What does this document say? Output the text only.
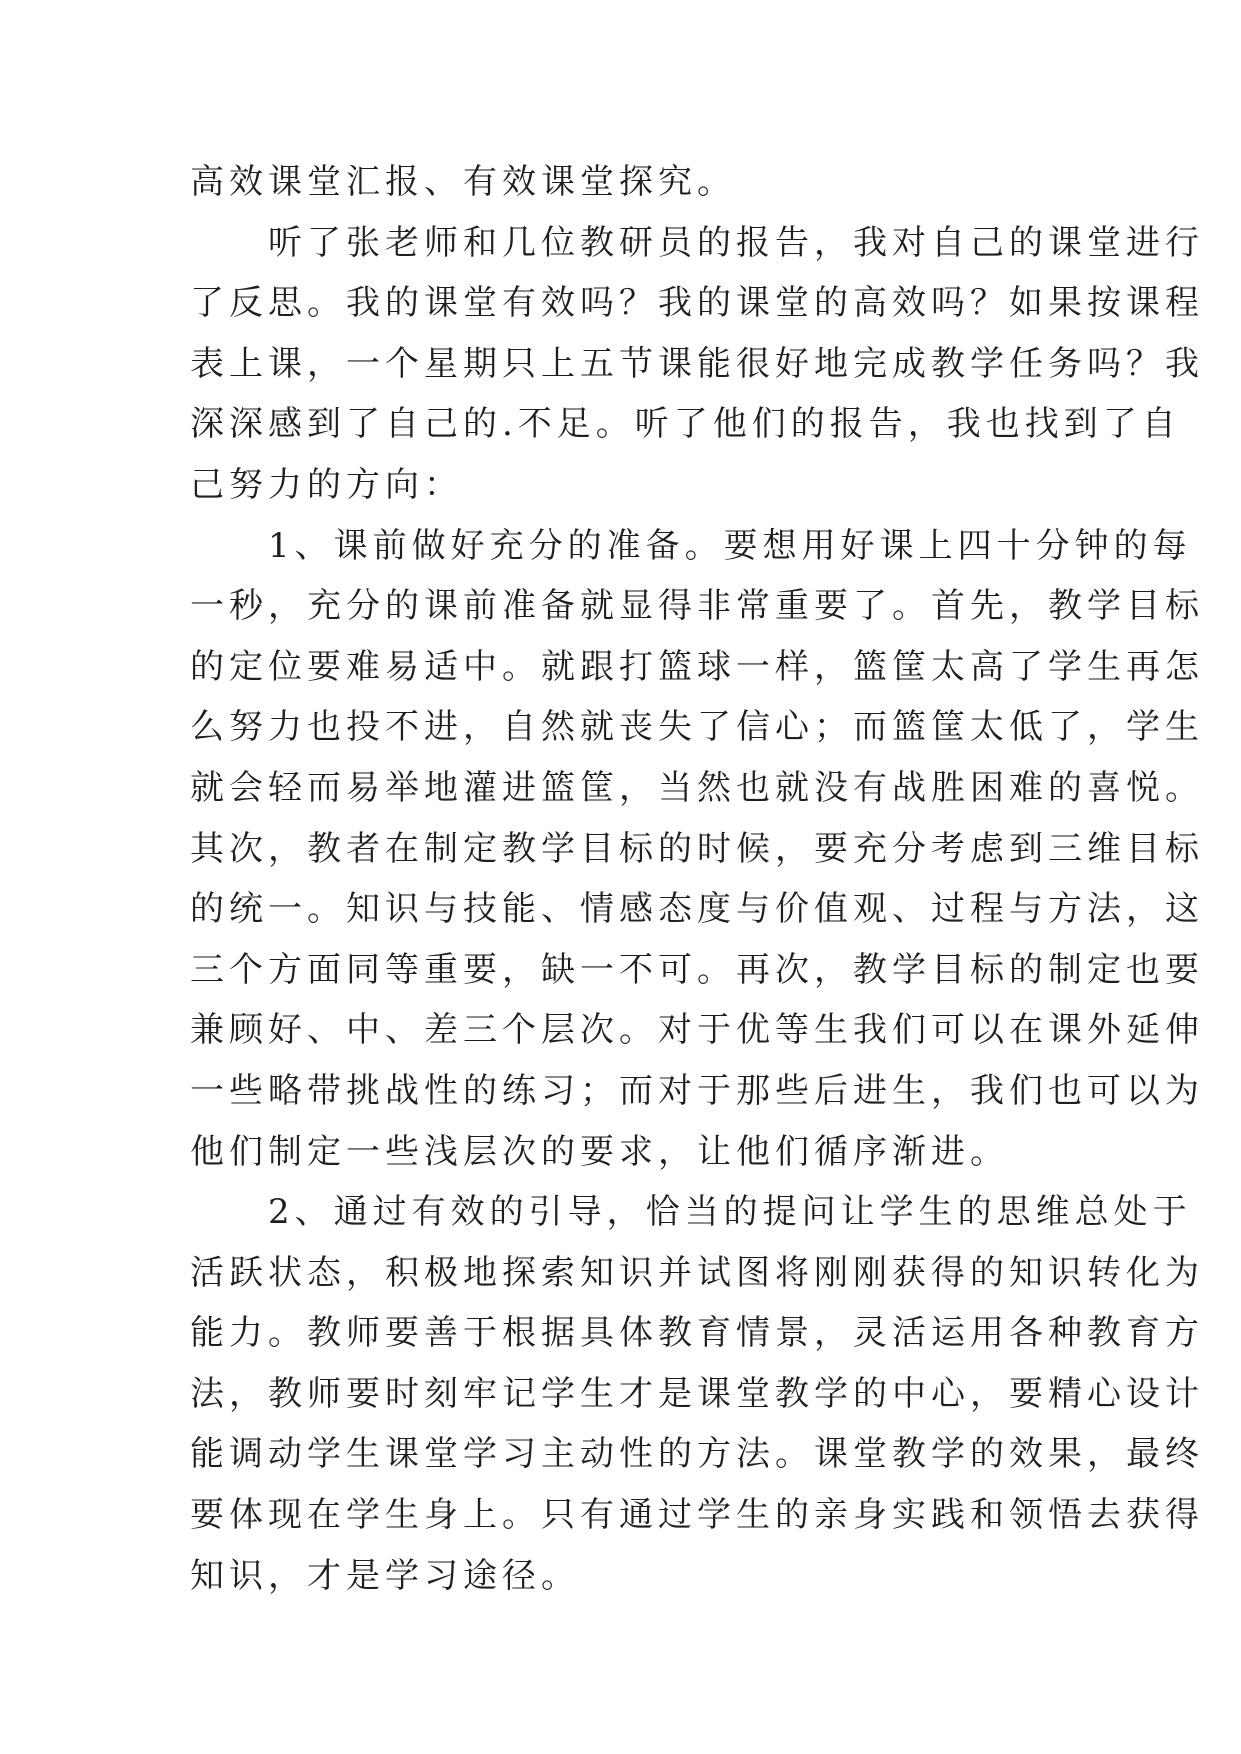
高效课堂汇报、有效课堂探究。
听了张老师和几位教研员的报告，我对自己的课堂进行
了反思。我的课堂有效吗？我的课堂的高效吗？如果按课程
表上课，一个星期只上五节课能很好地完成教学任务吗？我
深深感到了自己的.不足。听了他们的报告，我也找到了自
己努力的方向：
1、课前做好充分的准备。要想用好课上四十分钟的每
一秒，充分的课前准备就显得非常重要了。首先，教学目标
的定位要难易适中。就跟打篮球一样，篮筐太高了学生再怎
么努力也投不进，自然就丧失了信心；而篮筐太低了，学生
就会轻而易举地灌进篮筐，当然也就没有战胜困难的喜悦。
其次，教者在制定教学目标的时候，要充分考虑到三维目标
的统一。知识与技能、情感态度与价值观、过程与方法，这
三个方面同等重要，缺一不可。再次，教学目标的制定也要
兼顾好、中、差三个层次。对于优等生我们可以在课外延伸
一些略带挑战性的练习；而对于那些后进生，我们也可以为
他们制定一些浅层次的要求，让他们循序渐进。
2、通过有效的引导，恰当的提问让学生的思维总处于
活跃状态，积极地探索知识并试图将刚刚获得的知识转化为
能力。教师要善于根据具体教育情景，灵活运用各种教育方
法，教师要时刻牢记学生才是课堂教学的中心，要精心设计
能调动学生课堂学习主动性的方法。课堂教学的效果，最终
要体现在学生身上。只有通过学生的亲身实践和领悟去获得
知识，才是学习途径。
